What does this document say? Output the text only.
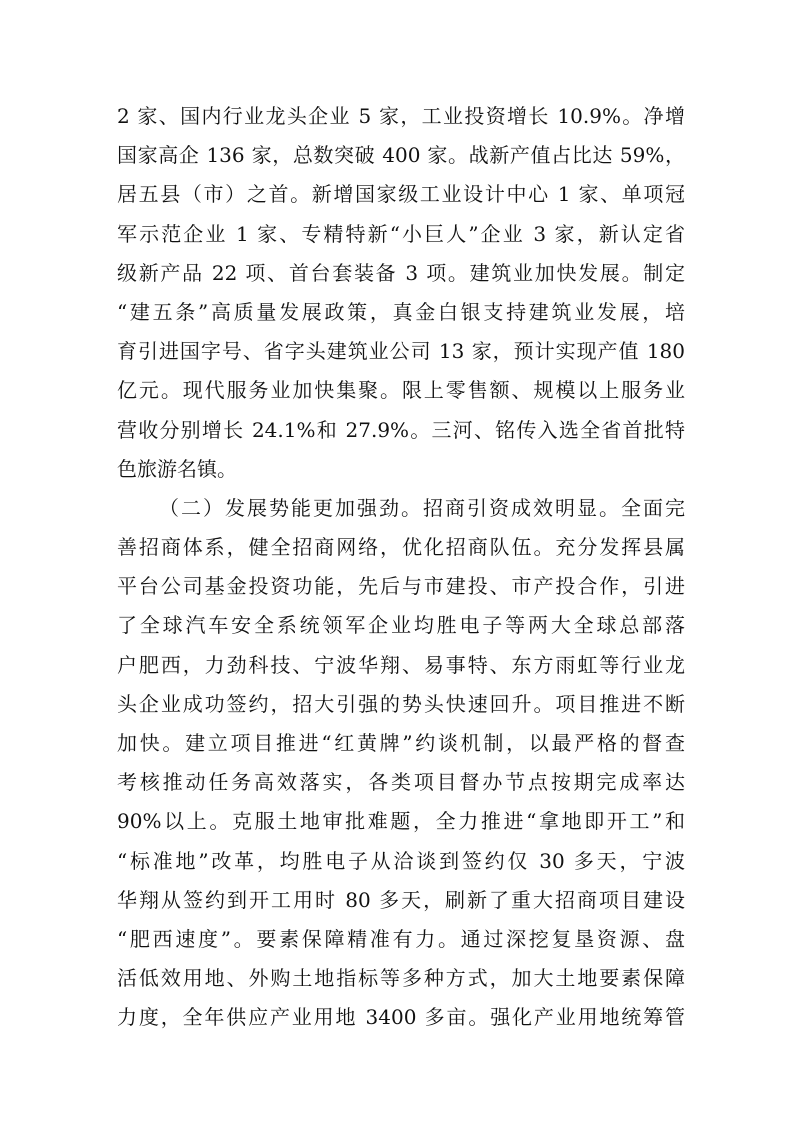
2 家、国内行业龙头企业 5 家，工业投资增长 10.9%。净增
国家高企 136 家，总数突破 400 家。战新产值占比达 59%，
居五县（市）之首。新增国家级工业设计中心 1 家、单项冠
军示范企业 1 家、专精特新“小巨人”企业 3 家，新认定省
级新产品 22 项、首台套装备 3 项。建筑业加快发展。制定
“建五条”高质量发展政策，真金白银支持建筑业发展，培
育引进国字号、省字头建筑业公司 13 家，预计实现产值 180
亿元。现代服务业加快集聚。限上零售额、规模以上服务业
营收分别增长 24.1%和 27.9%。三河、铭传入选全省首批特
色旅游名镇。
（二）发展势能更加强劲。招商引资成效明显。全面完
善招商体系，健全招商网络，优化招商队伍。充分发挥县属
平台公司基金投资功能，先后与市建投、市产投合作，引进
了全球汽车安全系统领军企业均胜电子等两大全球总部落
户肥西，力劲科技、宁波华翔、易事特、东方雨虹等行业龙
头企业成功签约，招大引强的势头快速回升。项目推进不断
加快。建立项目推进“红黄牌”约谈机制，以最严格的督查
考核推动任务高效落实，各类项目督办节点按期完成率达
90%以上。克服土地审批难题，全力推进“拿地即开工”和
“标准地”改革，均胜电子从洽谈到签约仅 30 多天，宁波
华翔从签约到开工用时 80 多天，刷新了重大招商项目建设
“肥西速度”。要素保障精准有力。通过深挖复垦资源、盘
活低效用地、外购土地指标等多种方式，加大土地要素保障
力度，全年供应产业用地 3400 多亩。强化产业用地统筹管
